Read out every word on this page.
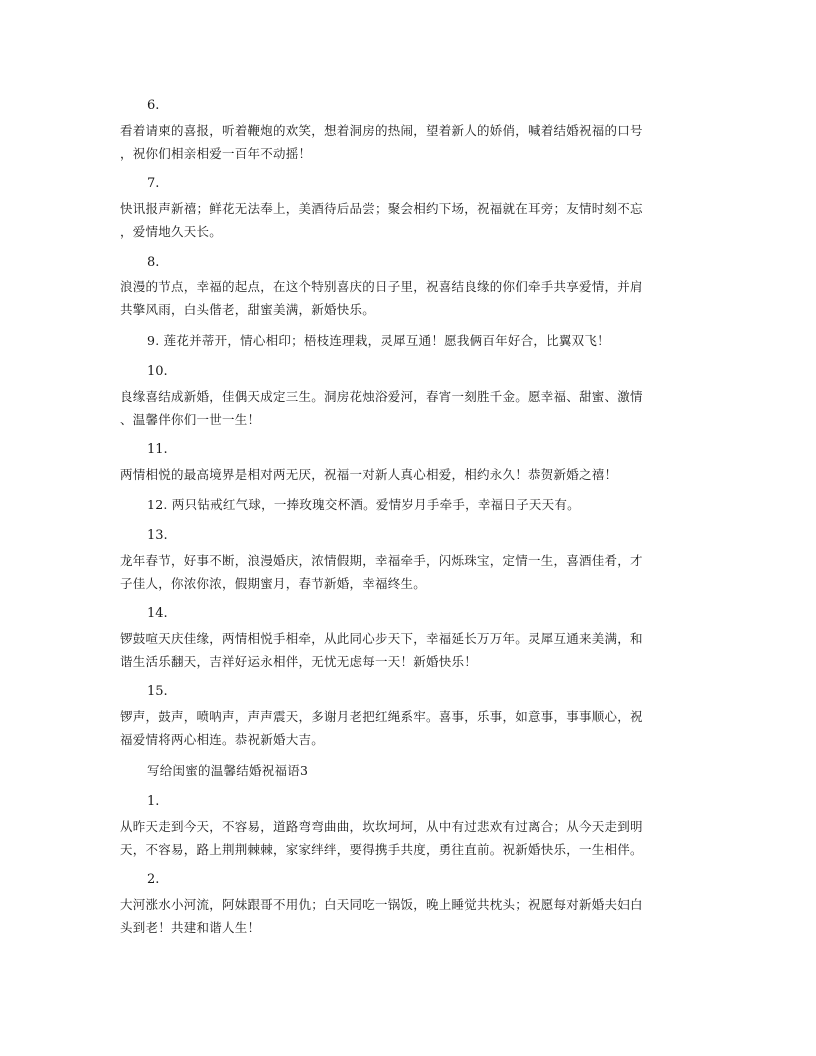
6.
看着请柬的喜报，听着鞭炮的欢笑，想着洞房的热闹，望着新人的娇俏，喊着结婚祝福的口号
，祝你们相亲相爱一百年不动摇！
7.
快讯报声新禧；鲜花无法奉上，美酒待后品尝；聚会相约下场，祝福就在耳旁；友情时刻不忘
，爱情地久天长。
8.
浪漫的节点，幸福的起点，在这个特别喜庆的日子里，祝喜结良缘的你们牵手共享爱情，并肩
共擎风雨，白头偕老，甜蜜美满，新婚快乐。
9. 莲花并蒂开，情心相印；梧枝连理栽，灵犀互通！愿我俩百年好合，比翼双飞！
10.
良缘喜结成新婚，佳偶天成定三生。洞房花烛浴爱河，春宵一刻胜千金。愿幸福、甜蜜、激情
、温馨伴你们一世一生！
11.
两情相悦的最高境界是相对两无厌，祝福一对新人真心相爱，相约永久！恭贺新婚之禧！
12. 两只钻戒红气球，一捧玫瑰交杯酒。爱情岁月手牵手，幸福日子天天有。
13.
龙年春节，好事不断，浪漫婚庆，浓情假期，幸福牵手，闪烁珠宝，定情一生，喜酒佳肴，才
子佳人，你浓你浓，假期蜜月，春节新婚，幸福终生。
14.
锣鼓喧天庆佳缘，两情相悦手相牵，从此同心步天下，幸福延长万万年。灵犀互通来美满，和
谐生活乐翻天，吉祥好运永相伴，无忧无虑每一天！新婚快乐！
15.
锣声，鼓声，喷呐声，声声震天，多谢月老把红绳系牢。喜事，乐事，如意事，事事顺心，祝
福爱情将两心相连。恭祝新婚大吉。
写给闺蜜的温馨结婚祝福语3
1.
从昨天走到今天，不容易，道路弯弯曲曲，坎坎坷坷，从中有过悲欢有过离合；从今天走到明
天，不容易，路上荆荆棘棘，家家绊绊，要得携手共度，勇往直前。祝新婚快乐，一生相伴。
2.
大河涨水小河流，阿妹跟哥不用仇；白天同吃一锅饭，晚上睡觉共枕头；祝愿每对新婚夫妇白
头到老！共建和谐人生！
